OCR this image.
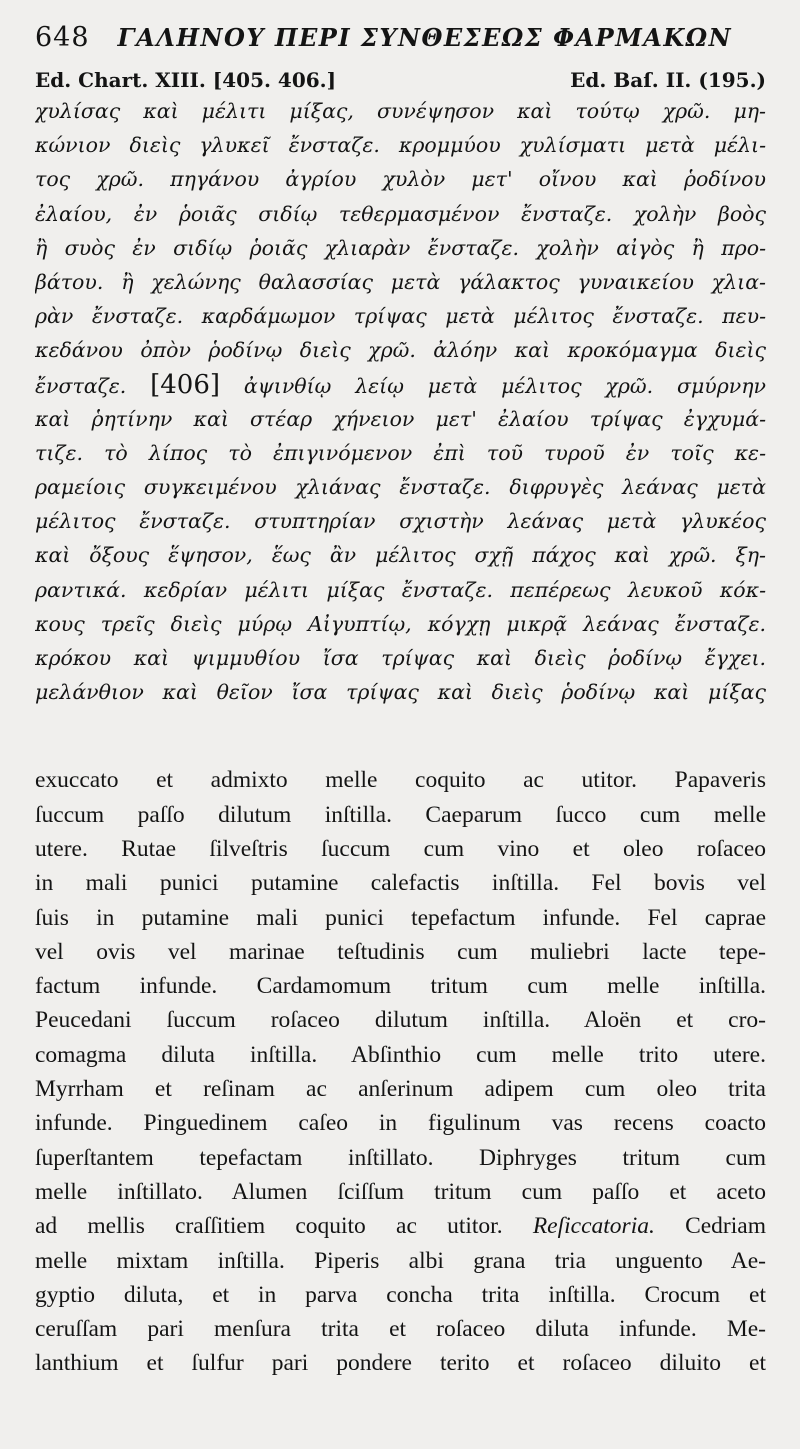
648 ΓΑΛΗΝΟΥ ΠΕΡΙ ΣΥΝΘΕΣΕΩΣ ΦΑΡΜΑΚΩΝ
Ed. Chart. XIII. [405. 406.]	Ed. Baſ. II. (195.)
χυλίσας καὶ μέλιτι μίξας, συνέψησον καὶ τούτῳ χρῶ. μη-
κώνιον διεὶς γλυκεῖ ἔνσταζε. κρομμύου χυλίσματι μετὰ μέλι-
τος χρῶ. πηγάνου ἀγρίου χυλὸν μετ' οἴνου καὶ ῥοδίνου
ἐλαίου, ἐν ῥοιᾶς σιδίῳ τεθερμασμένον ἔνσταζε. χολὴν βοὸς
ἢ συὸς ἐν σιδίῳ ῥοιᾶς χλιαρὰν ἔνσταζε. χολὴν αἰγὸς ἢ προ-
βάτου. ἢ χελώνης θαλασσίας μετὰ γάλακτος γυναικείου χλια-
ρὰν ἔνσταζε. καρδάμωμον τρίψας μετὰ μέλιτος ἔνσταζε. πευ-
κεδάνου ὀπὸν ῥοδίνῳ διεὶς χρῶ. ἀλόην καὶ κροκόμαγμα διεὶς
ἔνσταζε. [406] ἀψινθίῳ λείῳ μετὰ μέλιτος χρῶ. σμύρνην
καὶ ῥητίνην καὶ στέαρ χήνειον μετ' ἐλαίου τρίψας ἐγχυμά-
τιζε. τὸ λίπος τὸ ἐπιγινόμενον ἐπὶ τοῦ τυροῦ ἐν τοῖς κε-
ραμείοις συγκειμένου χλιάνας ἔνσταζε. διφρυγὲς λεάνας μετὰ
μέλιτος ἔνσταζε. στυπτηρίαν σχιστὴν λεάνας μετὰ γλυκέος
καὶ ὄξους ἕψησον, ἕως ἂν μέλιτος σχῇ πάχος καὶ χρῶ. ξη-
ραντικά. κεδρίαν μέλιτι μίξας ἔνσταζε. πεπέρεως λευκοῦ κόκ-
κους τρεῖς διεὶς μύρῳ Αἰγυπτίῳ, κόγχῃ μικρᾷ λεάνας ἔνσταζε.
κρόκου καὶ ψιμμυθίου ἴσα τρίψας καὶ διεὶς ῥοδίνῳ ἔγχει.
μελάνθιον καὶ θεῖον ἴσα τρίψας καὶ διεὶς ῥοδίνῳ καὶ μίξας
exuccato et admixto melle coquito ac utitor. Papaveris
ſuccum paſſo dilutum inſtilla. Caeparum ſucco cum melle
utere. Rutae ſilveſtris ſuccum cum vino et oleo roſaceo
in mali punici putamine calefactis inſtilla. Fel bovis vel
ſuis in putamine mali punici tepefactum infunde. Fel caprae
vel ovis vel marinae teſtudinis cum muliebri lacte tepe-
factum infunde. Cardamomum tritum cum melle inſtilla.
Peucedani ſuccum roſaceo dilutum inſtilla. Aloën et cro-
comagma diluta inſtilla. Abſinthio cum melle trito utere.
Myrrham et reſinam ac anſerinum adipem cum oleo trita
infunde. Pinguedinem caſeo in figulinum vas recens coacto
ſuperſtantem tepefactam inſtillato. Diphryges tritum cum
melle inſtillato. Alumen ſciſſum tritum cum paſſo et aceto
ad mellis craſſitiem coquito ac utitor. Reſiccatoria. Cedriam
melle mixtam inſtilla. Piperis albi grana tria unguento Ae-
gyptio diluta, et in parva concha trita inſtilla. Crocum et
ceruſſam pari menſura trita et roſaceo diluta infunde. Me-
lanthium et ſulfur pari pondere terito et roſaceo diluito et
